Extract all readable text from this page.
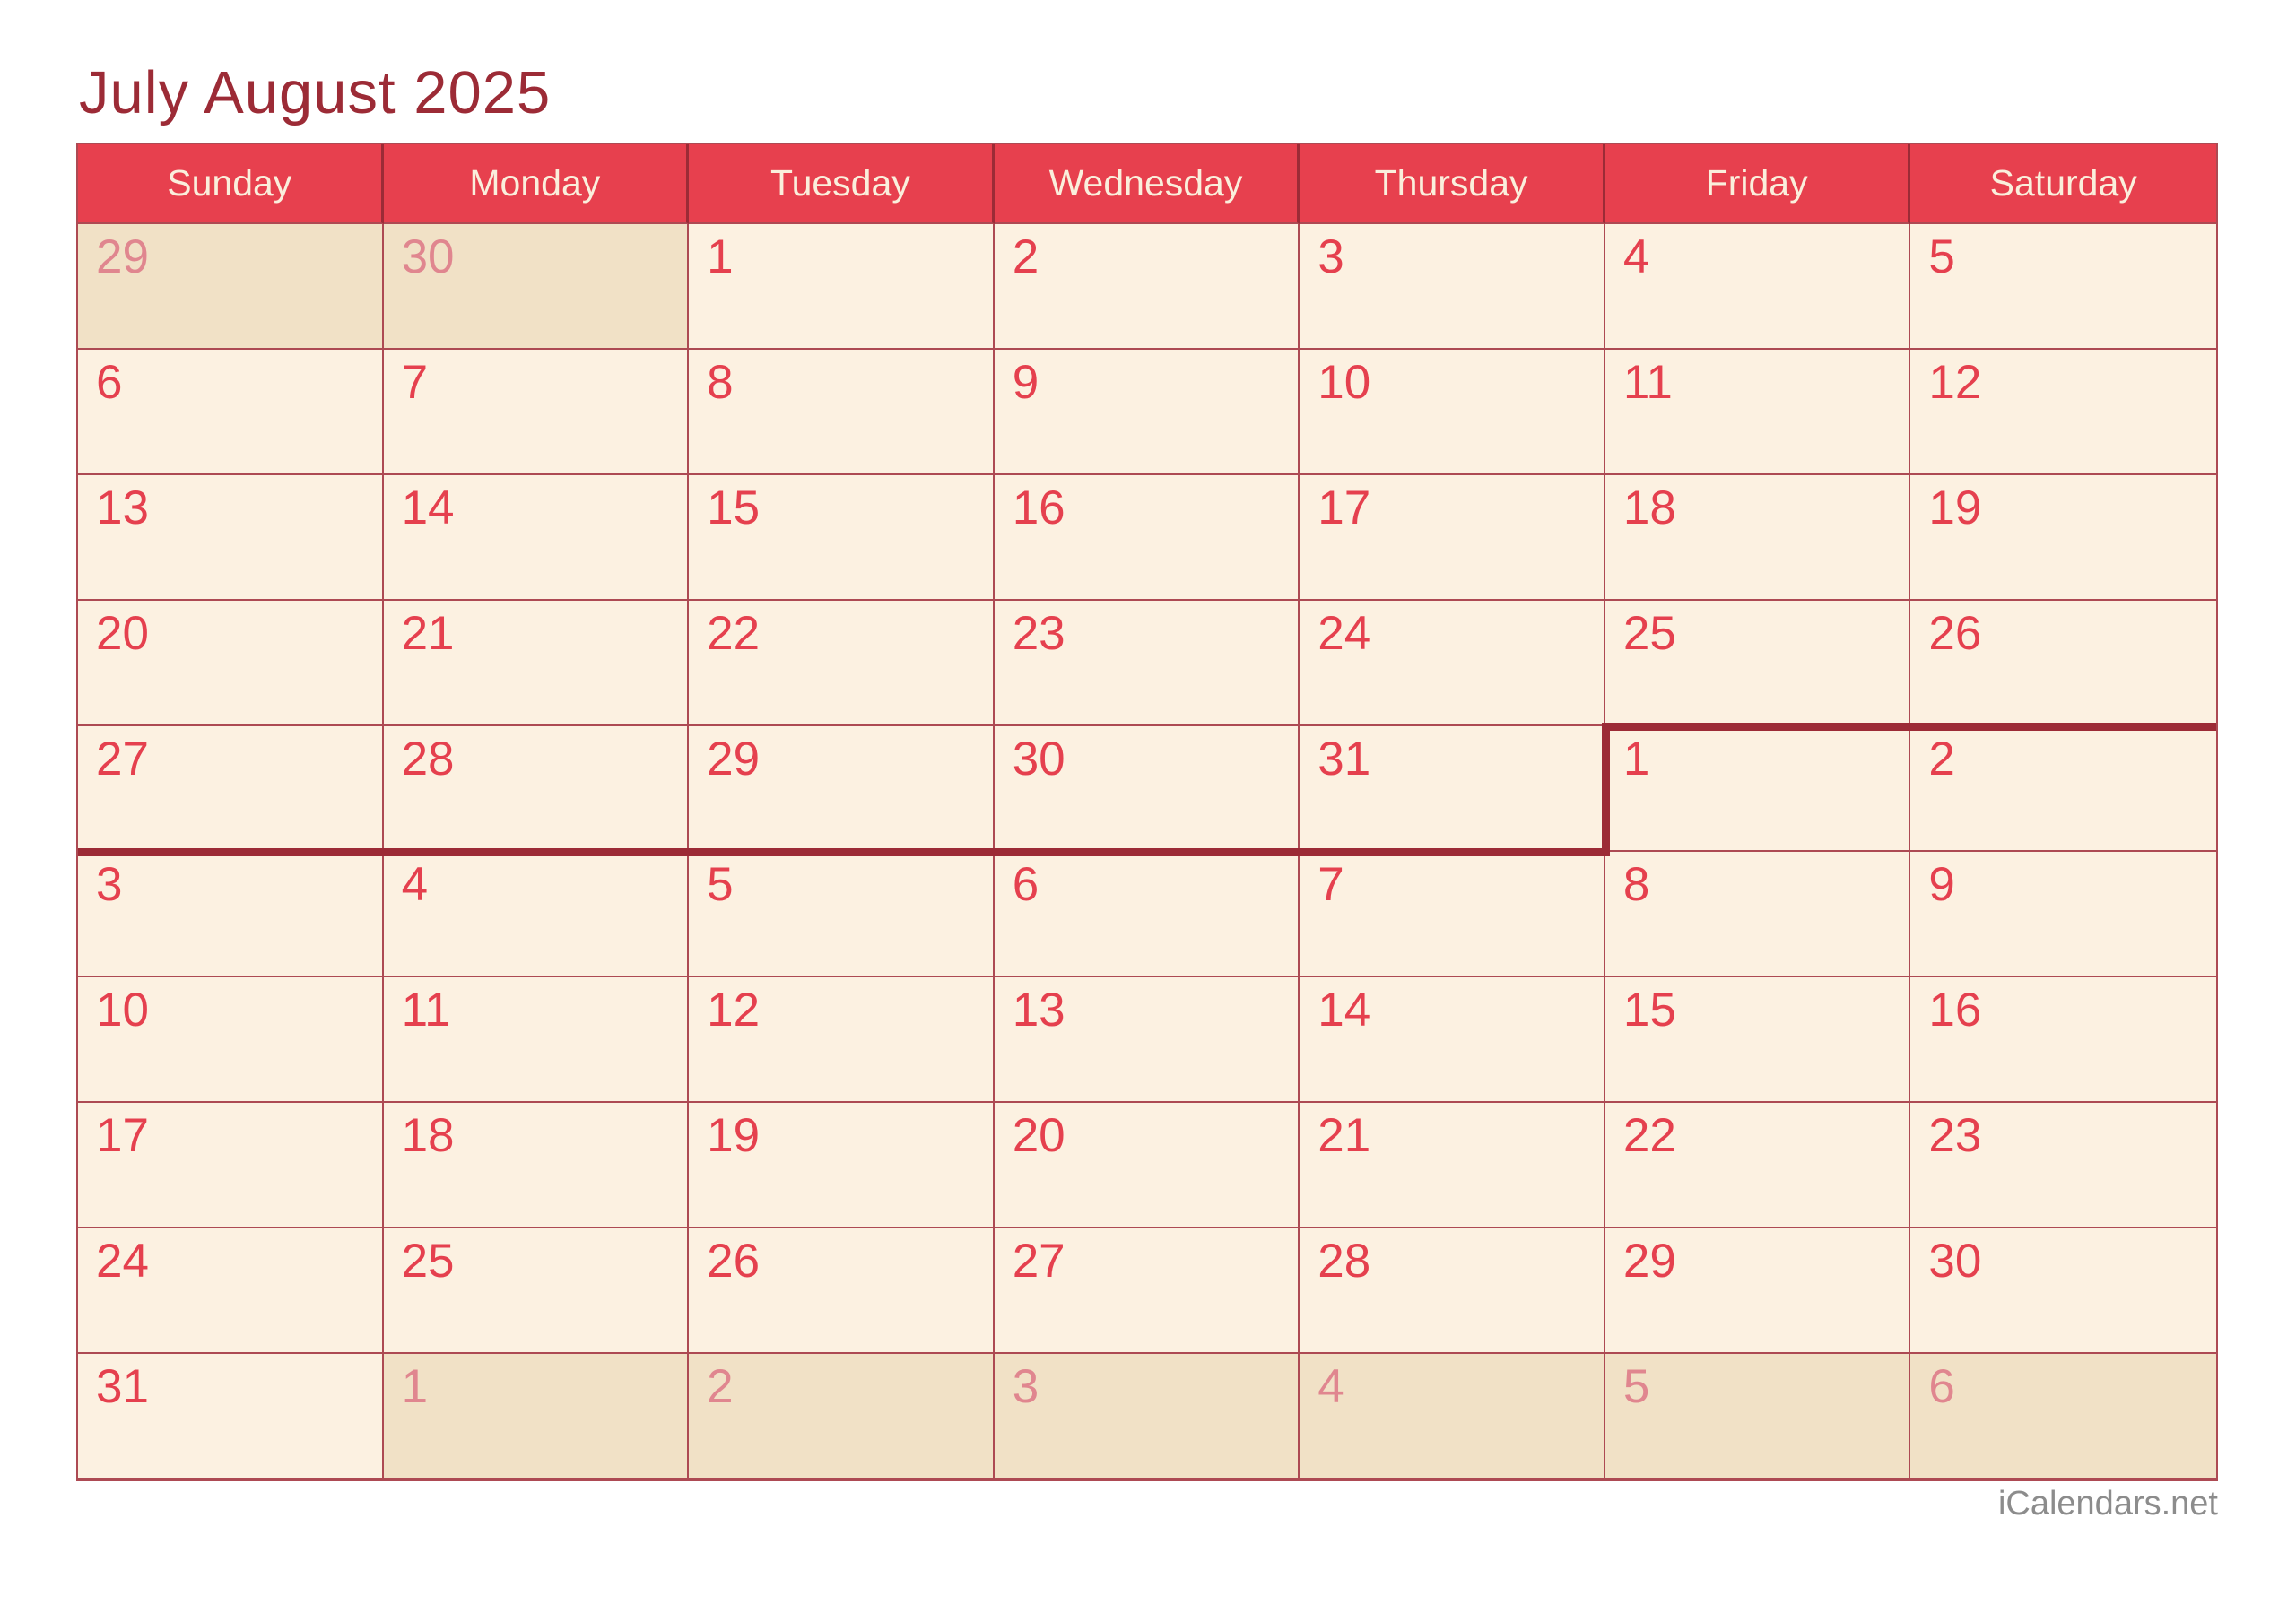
July August 2025
Sunday	Monday	Tuesday	Wednesday	Thursday	Friday	Saturday
29	30	1	2	3	4	5
6	7	8	9	10	11	12
13	14	15	16	17	18	19
20	21	22	23	24	25	26
27	28	29	30	31	1	2
3	4	5	6	7	8	9
10	11	12	13	14	15	16
17	18	19	20	21	22	23
24	25	26	27	28	29	30
31	1	2	3	4	5	6
iCalendars.net
